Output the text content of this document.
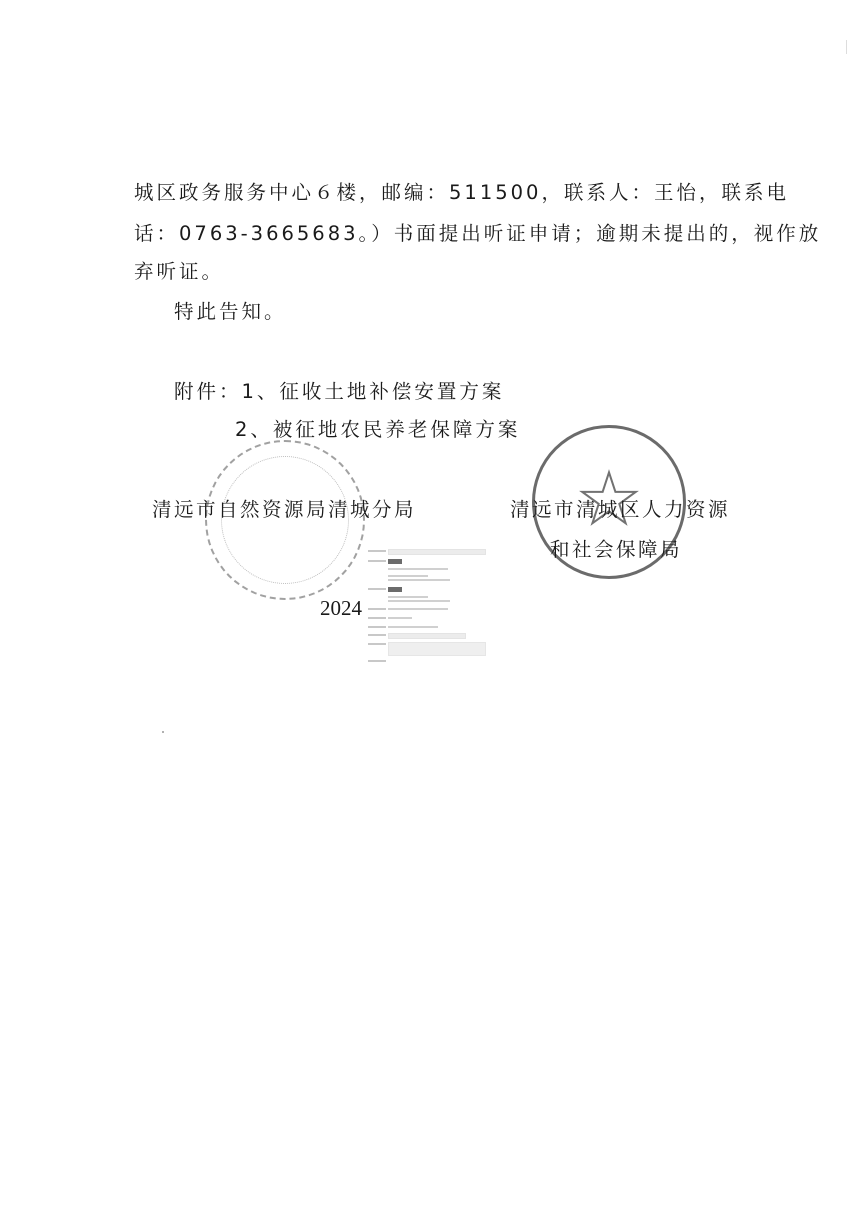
城区政务服务中心６楼，邮编：511500，联系人：王怡，联系电
话：0763-3665683。）书面提出听证申请；逾期未提出的，视作放
弃听证。
特此告知。
附件：1、征收土地补偿安置方案
2、被征地农民养老保障方案
★
清远市自然资源局清城分局	清远市清城区人力资源
和社会保障局
2024
